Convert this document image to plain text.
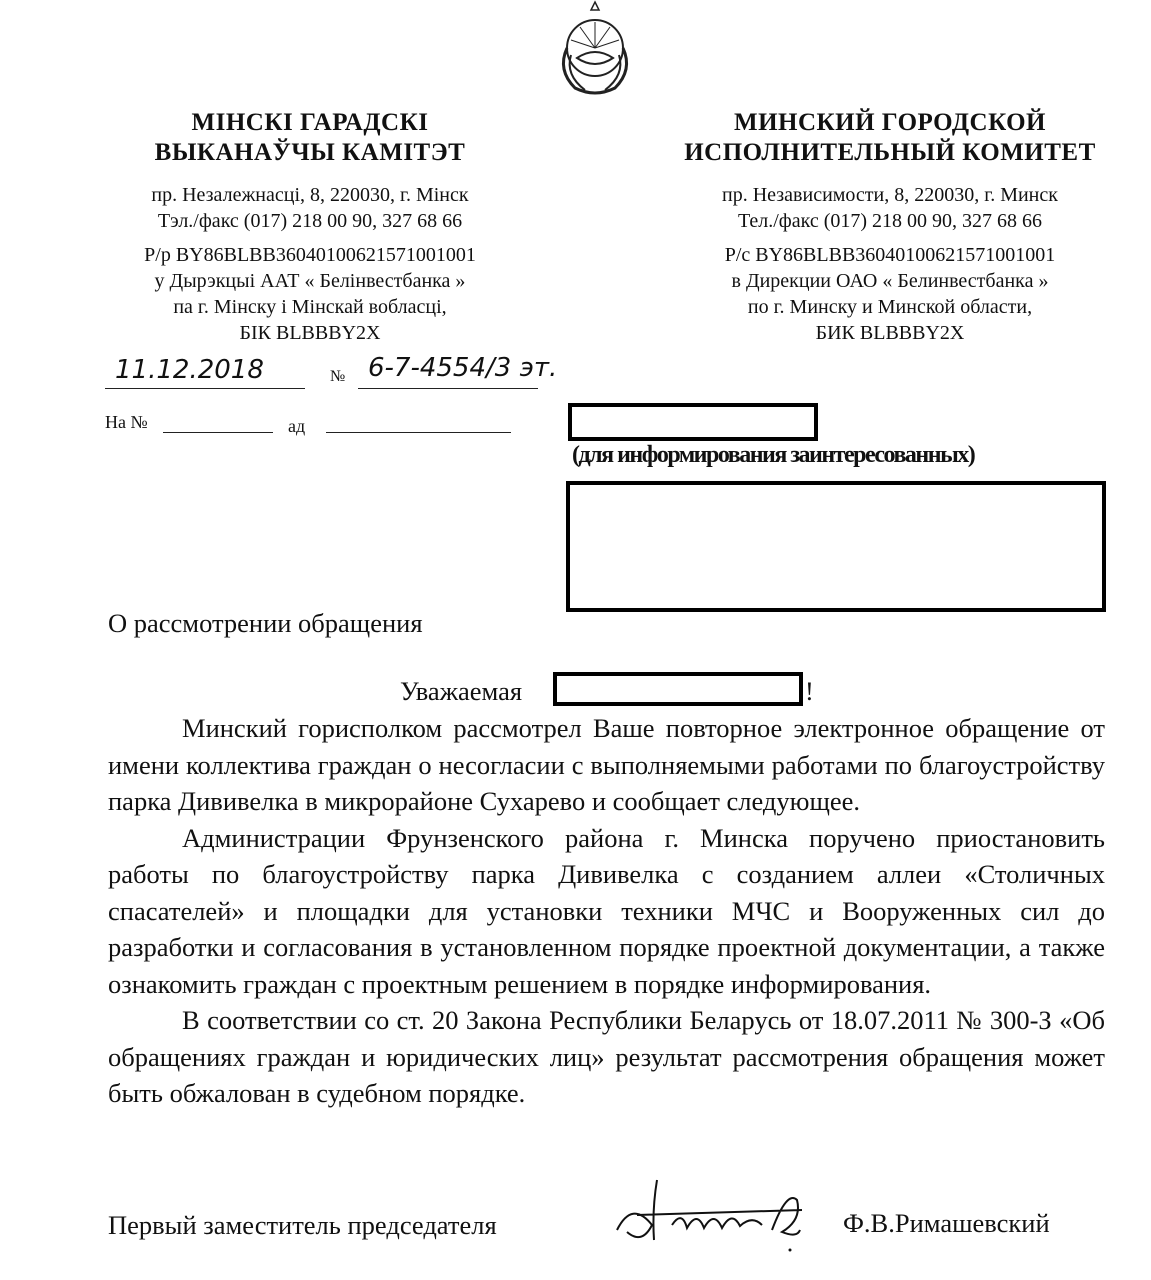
МІНСКІ ГАРАДСКІ
ВЫКАНАЎЧЫ КАМІТЭТ
пр. Незалежнасці, 8, 220030, г. Мінск
Тэл./факс (017) 218 00 90, 327 68 66
Р/р BY86BLBB36040100621571001001
у Дырэкцыі ААТ « Белінвестбанка »
па г. Мінску і Мінскай вобласці,
БІК BLBBBY2X
МИНСКИЙ ГОРОДСКОЙ
ИСПОЛНИТЕЛЬНЫЙ КОМИТЕТ
пр. Независимости, 8, 220030, г. Минск
Тел./факс (017) 218 00 90, 327 68 66
Р/с BY86BLBB36040100621571001001
в Дирекции ОАО « Белинвестбанка »
по г. Минску и Минской области,
БИК BLBBBY2X
11.12.2018	№ 6-7-4554/3 эт.
На №	ад
(для информирования заинтересованных)
О рассмотрении обращения
Уважаемая	!

Минский горисполком рассмотрел Ваше повторное электронное обращение от имени коллектива граждан о несогласии с выполняемыми работами по благоустройству парка Дививелка в микрорайоне Сухарево и сообщает следующее.

Администрации Фрунзенского района г. Минска поручено приостановить работы по благоустройству парка Дививелка с созданием аллеи «Столичных спасателей» и площадки для установки техники МЧС и Вооруженных сил до разработки и согласования в установленном порядке проектной документации, а также ознакомить граждан с проектным решением в порядке информирования.

В соответствии со ст. 20 Закона Республики Беларусь от 18.07.2011 № 300-З «Об обращениях граждан и юридических лиц» результат рассмотрения обращения может быть обжалован в судебном порядке.

Первый заместитель председателя	Ф.В.Римашевский
